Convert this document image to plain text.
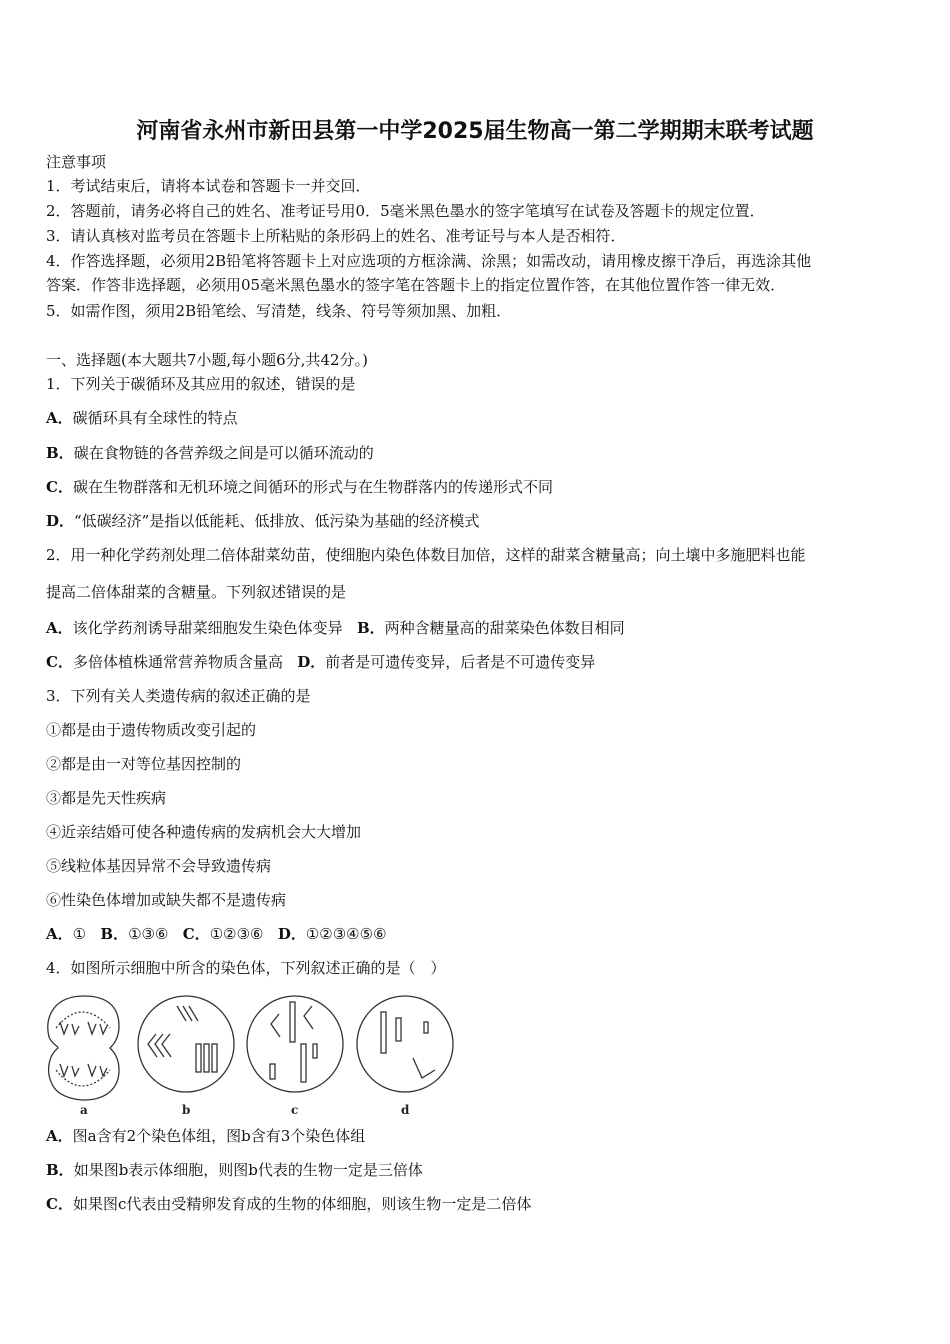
河南省永州市新田县第一中学2025届生物高一第二学期期末联考试题
注意事项
1．考试结束后，请将本试卷和答题卡一并交回．
2．答题前，请务必将自己的姓名、准考证号用0．5毫米黑色墨水的签字笔填写在试卷及答题卡的规定位置．
3．请认真核对监考员在答题卡上所粘贴的条形码上的姓名、准考证号与本人是否相符．
4．作答选择题，必须用2B铅笔将答题卡上对应选项的方框涂满、涂黑；如需改动，请用橡皮擦干净后，再选涂其他
答案．作答非选择题，必须用05毫米黑色墨水的签字笔在答题卡上的指定位置作答，在其他位置作答一律无效．
5．如需作图，须用2B铅笔绘、写清楚，线条、符号等须加黑、加粗．
一、选择题(本大题共7小题,每小题6分,共42分。)
1．下列关于碳循环及其应用的叙述，错误的是
A．碳循环具有全球性的特点
B．碳在食物链的各营养级之间是可以循环流动的
C．碳在生物群落和无机环境之间循环的形式与在生物群落内的传递形式不同
D．“低碳经济”是指以低能耗、低排放、低污染为基础的经济模式
2．用一种化学药剂处理二倍体甜菜幼苗，使细胞内染色体数目加倍，这样的甜菜含糖量高；向土壤中多施肥料也能
提高二倍体甜菜的含糖量。下列叙述错误的是
A．该化学药剂诱导甜菜细胞发生染色体变异 B．两种含糖量高的甜菜染色体数目相同
C．多倍体植株通常营养物质含量高 D．前者是可遗传变异，后者是不可遗传变异
3．下列有关人类遗传病的叙述正确的是
①都是由于遗传物质改变引起的
②都是由一对等位基因控制的
③都是先天性疾病
④近亲结婚可使各种遗传病的发病机会大大增加
⑤线粒体基因异常不会导致遗传病
⑥性染色体增加或缺失都不是遗传病
A．① B．①③⑥ C．①②③⑥ D．①②③④⑤⑥
4．如图所示细胞中所含的染色体，下列叙述正确的是（　）
a	b	c	d
A．图a含有2个染色体组，图b含有3个染色体组
B．如果图b表示体细胞，则图b代表的生物一定是三倍体
C．如果图c代表由受精卵发育成的生物的体细胞，则该生物一定是二倍体
